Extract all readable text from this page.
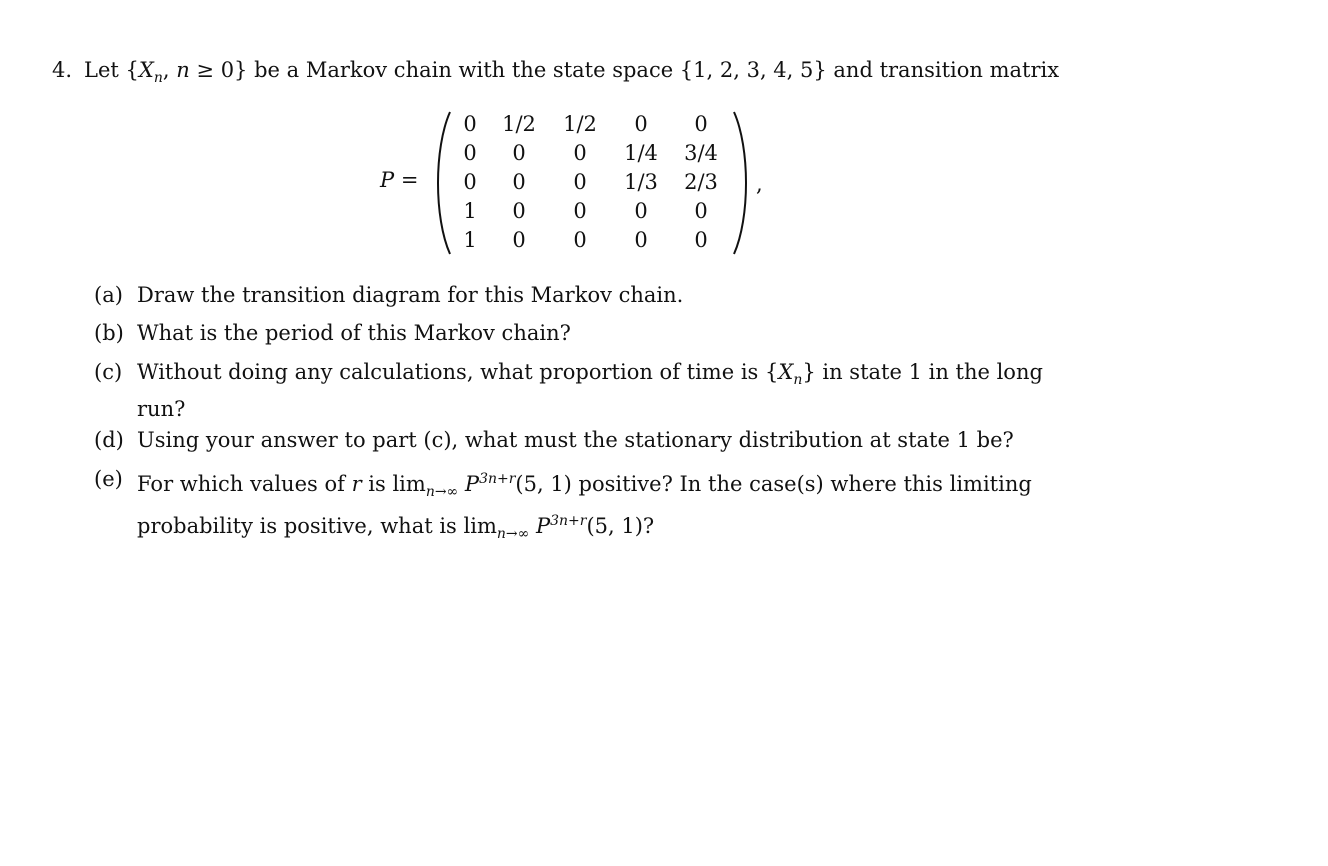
4. Let {$X_n$, n ≥ 0} be a Markov chain with the state space {1, 2, 3, 4, 5} and transition matrix
P =
0 1/2 1/2 0 0
0 0 0 1/4 3/4
0 0 0 1/3 2/3
1 0 0 0 0
1 0 0 0 0
,
(a) Draw the transition diagram for this Markov chain.
(b) What is the period of this Markov chain?
(c) Without doing any calculations, what proportion of time is $\{X_n\}$ in state 1 in the long run?
(d) Using your answer to part (c), what must the stationary distribution at state 1 be?
(e) For which values of r is $\lim_{n\to\infty} P^{3n+r}(5$, 1) positive? In the case(s) where this limiting probability is positive, what is $\lim_{n\to\infty} P^{3n+r}(5$, 1)?
